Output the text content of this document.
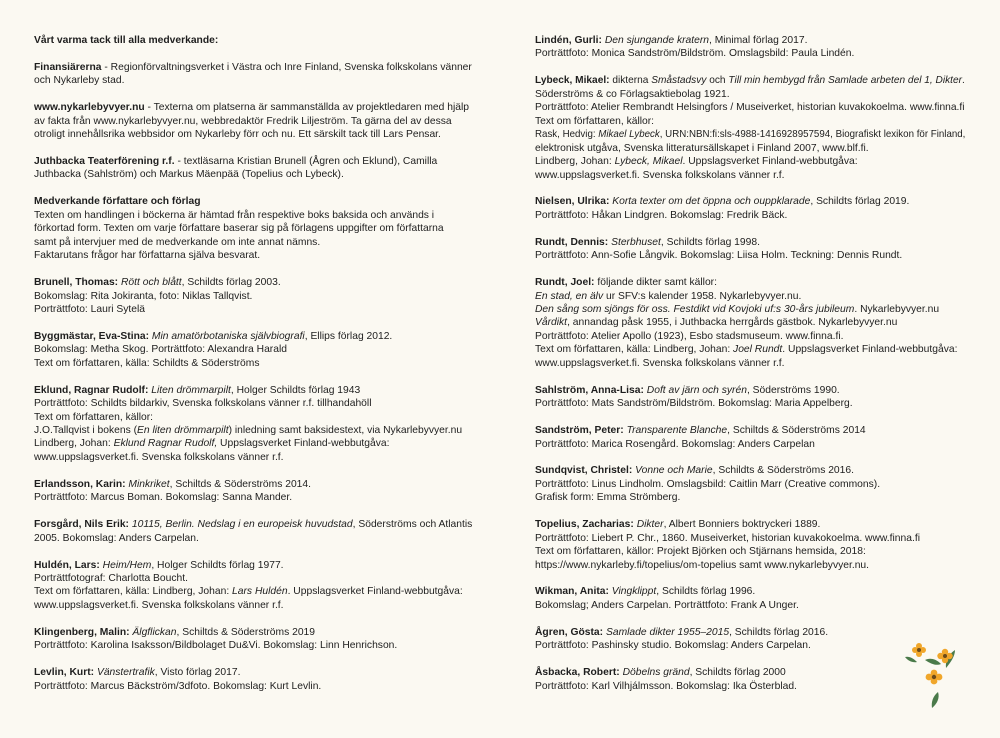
Vårt varma tack till alla medverkande:
Finansiärerna - Regionförvaltningsverket i Västra och Inre Finland, Svenska folkskolans vänner
och Nykarleby stad.
www.nykarlebyvyer.nu - Texterna om platserna är sammanställda av projektledaren med hjälp
av fakta från www.nykarlebyvyer.nu, webbredaktör Fredrik Liljeström. Ta gärna del av dessa
otroligt innehållsrika webbsidor om Nykarleby förr och nu. Ett särskilt tack till Lars Pensar.
Juthbacka Teaterförening r.f. - textläsarna Kristian Brunell (Ågren och Eklund), Camilla
Juthbacka (Sahlström) och Markus Mäenpää (Topelius och Lybeck).
Medverkande författare och förlag
Texten om handlingen i böckerna är hämtad från respektive boks baksida och används i
förkortad form. Texten om varje författare baserar sig på förlagens uppgifter om författarna
samt på intervjuer med de medverkande om inte annat nämns.
Faktarutans frågor har författarna själva besvarat.
Brunell, Thomas: Rött och blått, Schildts förlag 2003.
Bokomslag: Rita Jokiranta, foto: Niklas Tallqvist.
Porträttfoto: Lauri Sytelä
Byggmästar, Eva-Stina: Min amatörbotaniska självbiografi, Ellips förlag 2012.
Bokomslag: Metha Skog. Porträttfoto: Alexandra Harald
Text om författaren, källa: Schildts & Söderströms
Eklund, Ragnar Rudolf: Liten drömmarpilt, Holger Schildts förlag 1943
Porträttfoto: Schildts bildarkiv, Svenska folkskolans vänner r.f. tillhandahöll
Text om författaren, källor:
J.O.Tallqvist i bokens (En liten drömmarpilt) inledning samt baksidestext, via Nykarlebyvyer.nu
Lindberg, Johan: Eklund Ragnar Rudolf, Uppslagsverket Finland-webbutgåva:
www.uppslagsverket.fi. Svenska folkskolans vänner r.f.
Erlandsson, Karin: Minkriket, Schiltds & Söderströms 2014.
Porträttfoto: Marcus Boman. Bokomslag: Sanna Mander.
Forsgård, Nils Erik: 10115, Berlin. Nedslag i en europeisk huvudstad, Söderströms och Atlantis
2005. Bokomslag: Anders Carpelan.
Huldén, Lars: Heim/Hem, Holger Schildts förlag 1977.
Porträttfotograf: Charlotta Boucht.
Text om författaren, källa: Lindberg, Johan: Lars Huldén. Uppslagsverket Finland-webbutgåva:
www.uppslagsverket.fi. Svenska folkskolans vänner r.f.
Klingenberg, Malin: Älgflickan, Schiltds & Söderströms 2019
Porträttfoto: Karolina Isaksson/Bildbolaget Du&Vi. Bokomslag: Linn Henrichson.
Levlin, Kurt: Vänstertrafik, Visto förlag 2017.
Porträttfoto: Marcus Bäckström/3dfoto. Bokomslag: Kurt Levlin.
Lindén, Gurli: Den sjungande kratern, Minimal förlag 2017.
Porträttfoto: Monica Sandström/Bildström. Omslagsbild: Paula Lindén.
Lybeck, Mikael: dikterna Småstadsvy och Till min hembygd från Samlade arbeten del 1, Dikter.
Söderströms & co Förlagsaktiebolag 1921.
Porträttfoto: Atelier Rembrandt Helsingfors / Museiverket, historian kuvakokoelma. www.finna.fi
Text om författaren, källor:
Rask, Hedvig: Mikael Lybeck, URN:NBN:fi:sls-4988-1416928957594, Biografiskt lexikon för Finland,
elektronisk utgåva, Svenska litteratursällskapet i Finland 2007, www.blf.fi.
Lindberg, Johan: Lybeck, Mikael. Uppslagsverket Finland-webbutgåva:
www.uppslagsverket.fi. Svenska folkskolans vänner r.f.
Nielsen, Ulrika: Korta texter om det öppna och ouppklarade, Schildts förlag 2019.
Porträttfoto: Håkan Lindgren. Bokomslag: Fredrik Bäck.
Rundt, Dennis: Sterbhuset, Schildts förlag 1998.
Porträttfoto: Ann-Sofie Långvik. Bokomslag: Liisa Holm. Teckning: Dennis Rundt.
Rundt, Joel: följande dikter samt källor:
En stad, en älv ur SFV:s kalender 1958. Nykarlebyvyer.nu.
Den sång som sjöngs för oss. Festdikt vid Kovjoki uf:s 30-års jubileum. Nykarlebyvyer.nu
Vårdikt, annandag påsk 1955, i Juthbacka herrgårds gästbok. Nykarlebyvyer.nu
Porträttfoto: Atelier Apollo (1923), Esbo stadsmuseum. www.finna.fi.
Text om författaren, källa: Lindberg, Johan: Joel Rundt. Uppslagsverket Finland-webbutgåva:
www.uppslagsverket.fi. Svenska folkskolans vänner r.f.
Sahlström, Anna-Lisa: Doft av järn och syrén, Söderströms 1990.
Porträttfoto: Mats Sandström/Bildström. Bokomslag: Maria Appelberg.
Sandström, Peter: Transparente Blanche, Schiltds & Söderströms 2014
Porträttfoto: Marica Rosengård. Bokomslag: Anders Carpelan
Sundqvist, Christel: Vonne och Marie, Schildts & Söderströms 2016.
Porträttfoto: Linus Lindholm. Omslagsbild: Caitlin Marr (Creative commons).
Grafisk form: Emma Strömberg.
Topelius, Zacharias: Dikter, Albert Bonniers boktryckeri 1889.
Porträttfoto: Liebert P. Chr., 1860. Museiverket, historian kuvakokoelma. www.finna.fi
Text om författaren, källor: Projekt Björken och Stjärnans hemsida, 2018:
https://www.nykarleby.fi/topelius/om-topelius samt www.nykarlebyvyer.nu.
Wikman, Anita: Vingklippt, Schildts förlag 1996.
Bokomslag; Anders Carpelan. Porträttfoto: Frank A Unger.
Ågren, Gösta: Samlade dikter 1955–2015, Schildts förlag 2016.
Porträttfoto: Pashinsky studio. Bokomslag: Anders Carpelan.
Åsbacka, Robert: Döbelns gränd, Schildts förlag 2000
Porträttfoto: Karl Vilhjálmsson. Bokomslag: Ika Österblad.
